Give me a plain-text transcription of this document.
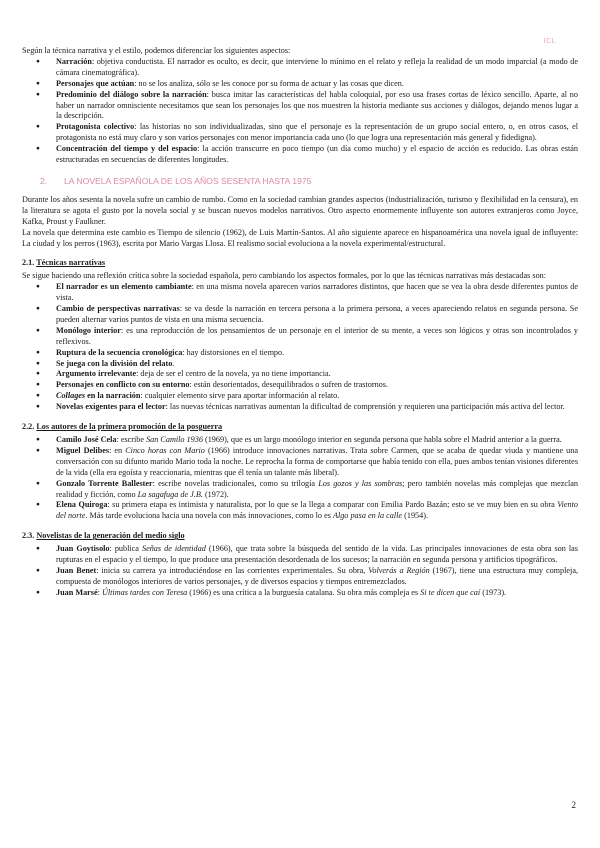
ICL

Según la técnica narrativa y el estilo, podemos diferenciar los siguientes aspectos:

● Narración: objetiva conductista. El narrador es oculto, es decir, que interviene lo mínimo en el relato y refleja la realidad de un modo imparcial (a modo de cámara cinematográfica).
● Personajes que actúan: no se los analiza, sólo se les conoce por su forma de actuar y las cosas que dicen.
● Predominio del diálogo sobre la narración: busca imitar las características del habla coloquial, por eso usa frases cortas de léxico sencillo. Aparte, al no haber un narrador omnisciente necesitamos que sean los personajes los que nos muestren la historia mediante sus acciones y diálogos, dejando menos lugar a la descripción.
● Protagonista colectivo: las historias no son individualizadas, sino que el personaje es la representación de un grupo social entero, o, en otros casos, el protagonista no está muy claro y son varios personajes con menor importancia cada uno (lo que logra una representación más general y fidedigna).
● Concentración del tiempo y del espacio: la acción transcurre en poco tiempo (un día como mucho) y el espacio de acción es reducido. Las obras están estructuradas en secuencias de diferentes longitudes.
2.	LA NOVELA ESPAÑOLA DE LOS AÑOS SESENTA HASTA 1975

Durante los años sesenta la novela sufre un cambio de rumbo. Como en la sociedad cambian grandes aspectos (industrialización, turismo y flexibilidad en la censura), en la literatura se agota el gusto por la novela social y se buscan nuevos modelos narrativos. Otro aspecto enormemente influyente son autores extranjeros como Joyce, Kafka, Proust y Faulkner.

La novela que determina este cambio es Tiempo de silencio (1962), de Luis Martín-Santos. Al año siguiente aparece en hispanoamérica una novela igual de influyente: La ciudad y los perros (1963), escrita por Mario Vargas Llosa. El realismo social evoluciona a la novela experimental/estructural.

2.1. Técnicas narrativas

Se sigue haciendo una reflexión crítica sobre la sociedad española, pero cambiando los aspectos formales, por lo que las técnicas narrativas más destacadas son:

● El narrador es un elemento cambiante: en una misma novela aparecen varios narradores distintos, que hacen que se vea la obra desde diferentes puntos de vista.
● Cambio de perspectivas narrativas: se va desde la narración en tercera persona a la primera persona, a veces apareciendo relatos en segunda persona. Se pueden alternar varios puntos de vista en una misma secuencia.
● Monólogo interior: es una reproducción de los pensamientos de un personaje en el interior de su mente, a veces son lógicos y otras son incontrolados y reflexivos.
● Ruptura de la secuencia cronológica: hay distorsiones en el tiempo.
● Se juega con la división del relato.
● Argumento irrelevante: deja de ser el centro de la novela, ya no tiene importancia.
● Personajes en conflicto con su entorno: están desorientados, desequilibrados o sufren de trastornos.
● Collages en la narración: cualquier elemento sirve para aportar información al relato.
● Novelas exigentes para el lector: las nuevas técnicas narrativas aumentan la dificultad de comprensión y requieren una participación más activa del lector.
2.2. Los autores de la primera promoción de la posguerra
● Camilo José Cela: escribe San Camilo 1936 (1969), que es un largo monólogo interior en segunda persona que habla sobre el Madrid anterior a la guerra.
● Miguel Delibes: en Cinco horas con Mario (1966) introduce innovaciones narrativas. Trata sobre Carmen, que se acaba de quedar viuda y mantiene una conversación con su difunto marido Mario toda la noche. Le reprocha la forma de comportarse que había tenido con ella, pues ambos tenían visiones diferentes de la vida (ella era egoísta y reaccionaria, mientras que él tenía un talante más liberal).
● Gonzalo Torrente Ballester: escribe novelas tradicionales, como su trilogía Los gozos y las sombras; pero también novelas más complejas que mezclan realidad y ficción, como La sagafuga de J.B. (1972).
● Elena Quiroga: su primera etapa es intimista y naturalista, por lo que se la llega a comparar con Emilia Pardo Bazán; esto se ve muy bien en su obra Viento del norte. Más tarde evoluciona hacia una novela con más innovaciones, como lo es Algo pasa en la calle (1954).
2.3. Novelistas de la generación del medio siglo
● Juan Goytisolo: publica Señas de identidad (1966), que trata sobre la búsqueda del sentido de la vida. Las principales innovaciones de esta obra son las rupturas en el espacio y el tiempo, lo que produce una presentación desordenada de los sucesos; la narración en segunda persona y artificios tipográficos.
● Juan Benet: inicia su carrera ya introduciéndose en las corrientes experimentales. Su obra, Volverás a Región (1967), tiene una estructura muy compleja, compuesta de monólogos interiores de varios personajes, y de diversos espacios y tiempos entremezclados.
● Juan Marsé: Últimas tardes con Teresa (1966) es una crítica a la burguesía catalana. Su obra más compleja es Si te dicen que caí (1973).
2
